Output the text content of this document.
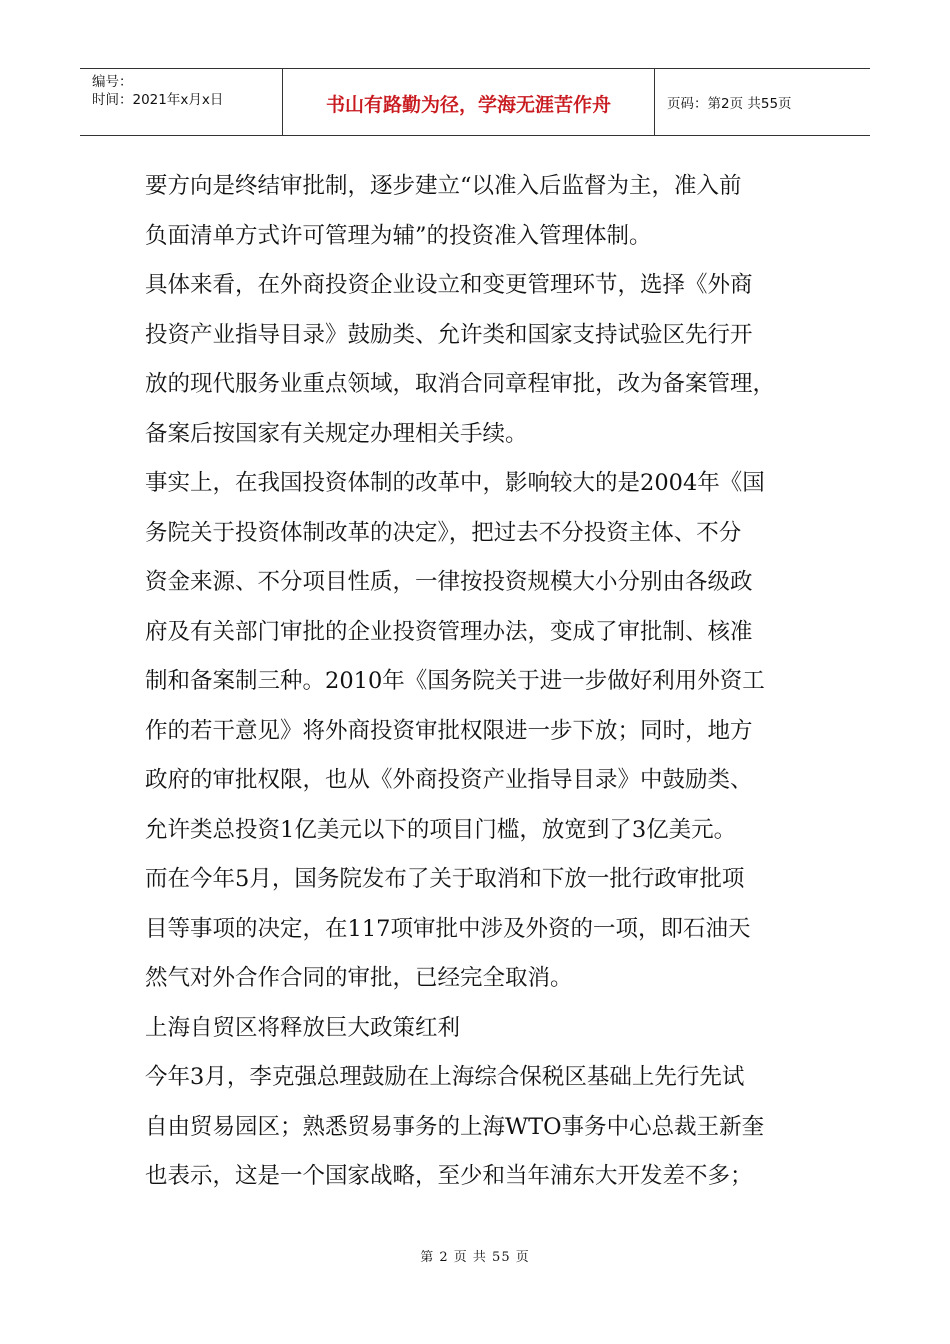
编号：
时间：2021年x月x日	书山有路勤为径，学海无涯苦作舟	页码：第2页 共55页
要方向是终结审批制，逐步建立“以准入后监督为主，准入前
负面清单方式许可管理为辅”的投资准入管理体制。
具体来看，在外商投资企业设立和变更管理环节，选择《外商
投资产业指导目录》鼓励类、允许类和国家支持试验区先行开
放的现代服务业重点领域，取消合同章程审批，改为备案管理，
备案后按国家有关规定办理相关手续。
事实上，在我国投资体制的改革中，影响较大的是2004年《国
务院关于投资体制改革的决定》，把过去不分投资主体、不分
资金来源、不分项目性质，一律按投资规模大小分别由各级政
府及有关部门审批的企业投资管理办法，变成了审批制、核准
制和备案制三种。2010年《国务院关于进一步做好利用外资工
作的若干意见》将外商投资审批权限进一步下放；同时，地方
政府的审批权限，也从《外商投资产业指导目录》中鼓励类、
允许类总投资1亿美元以下的项目门槛，放宽到了3亿美元。
而在今年5月，国务院发布了关于取消和下放一批行政审批项
目等事项的决定，在117项审批中涉及外资的一项，即石油天
然气对外合作合同的审批，已经完全取消。
上海自贸区将释放巨大政策红利
今年3月，李克强总理鼓励在上海综合保税区基础上先行先试
自由贸易园区；熟悉贸易事务的上海WTO事务中心总裁王新奎
也表示，这是一个国家战略，至少和当年浦东大开发差不多；
第 2 页 共 55 页
